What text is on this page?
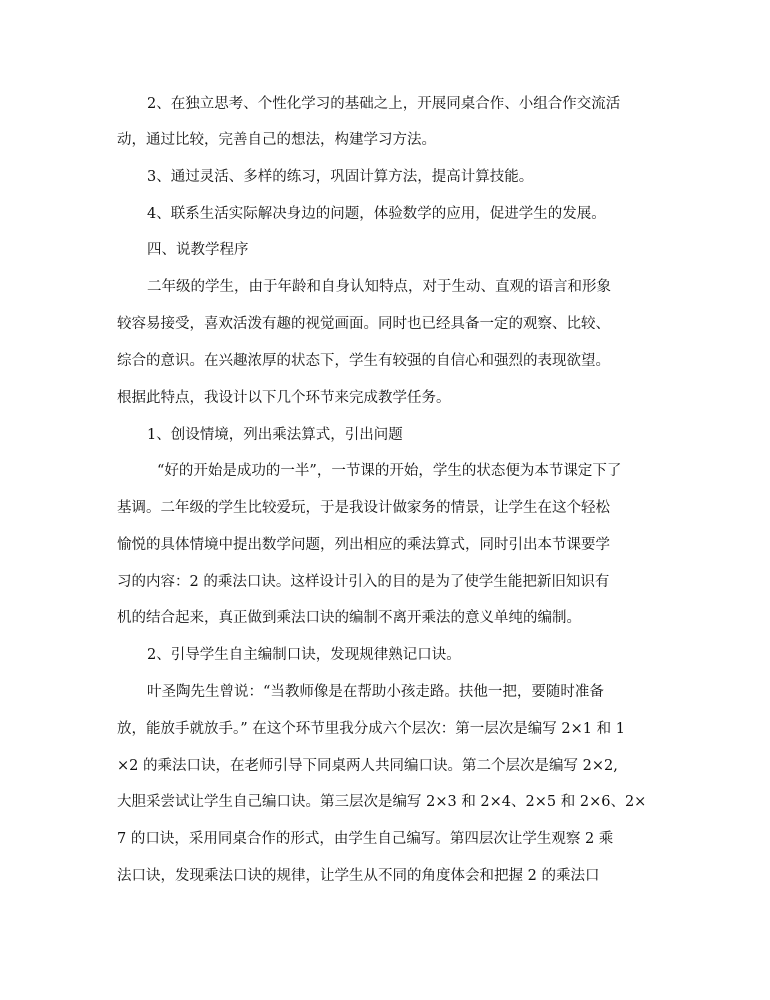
2、在独立思考、个性化学习的基础之上，开展同桌合作、小组合作交流活
动，通过比较，完善自己的想法，构建学习方法。
3、通过灵活、多样的练习，巩固计算方法，提高计算技能。
4、联系生活实际解决身边的问题，体验数学的应用，促进学生的发展。
四、说教学程序
二年级的学生，由于年龄和自身认知特点，对于生动、直观的语言和形象
较容易接受，喜欢活泼有趣的视觉画面。同时也已经具备一定的观察、比较、
综合的意识。在兴趣浓厚的状态下，学生有较强的自信心和强烈的表现欲望。
根据此特点，我设计以下几个环节来完成教学任务。
1、创设情境，列出乘法算式，引出问题
“好的开始是成功的一半”，一节课的开始，学生的状态便为本节课定下了
基调。二年级的学生比较爱玩，于是我设计做家务的情景，让学生在这个轻松
愉悦的具体情境中提出数学问题，列出相应的乘法算式，同时引出本节课要学
习的内容：2 的乘法口诀。这样设计引入的目的是为了使学生能把新旧知识有
机的结合起来，真正做到乘法口诀的编制不离开乘法的意义单纯的编制。
2、引导学生自主编制口诀，发现规律熟记口诀。
叶圣陶先生曾说：“当教师像是在帮助小孩走路。扶他一把，要随时准备
放，能放手就放手。” 在这个环节里我分成六个层次：第一层次是编写 2×1 和 1
×2 的乘法口诀，在老师引导下同桌两人共同编口诀。第二个层次是编写 2×2,
大胆采尝试让学生自己编口诀。第三层次是编写 2×3 和 2×4、2×5 和 2×6、2×
7 的口诀，采用同桌合作的形式，由学生自己编写。第四层次让学生观察 2 乘
法口诀，发现乘法口诀的规律，让学生从不同的角度体会和把握 2 的乘法口
